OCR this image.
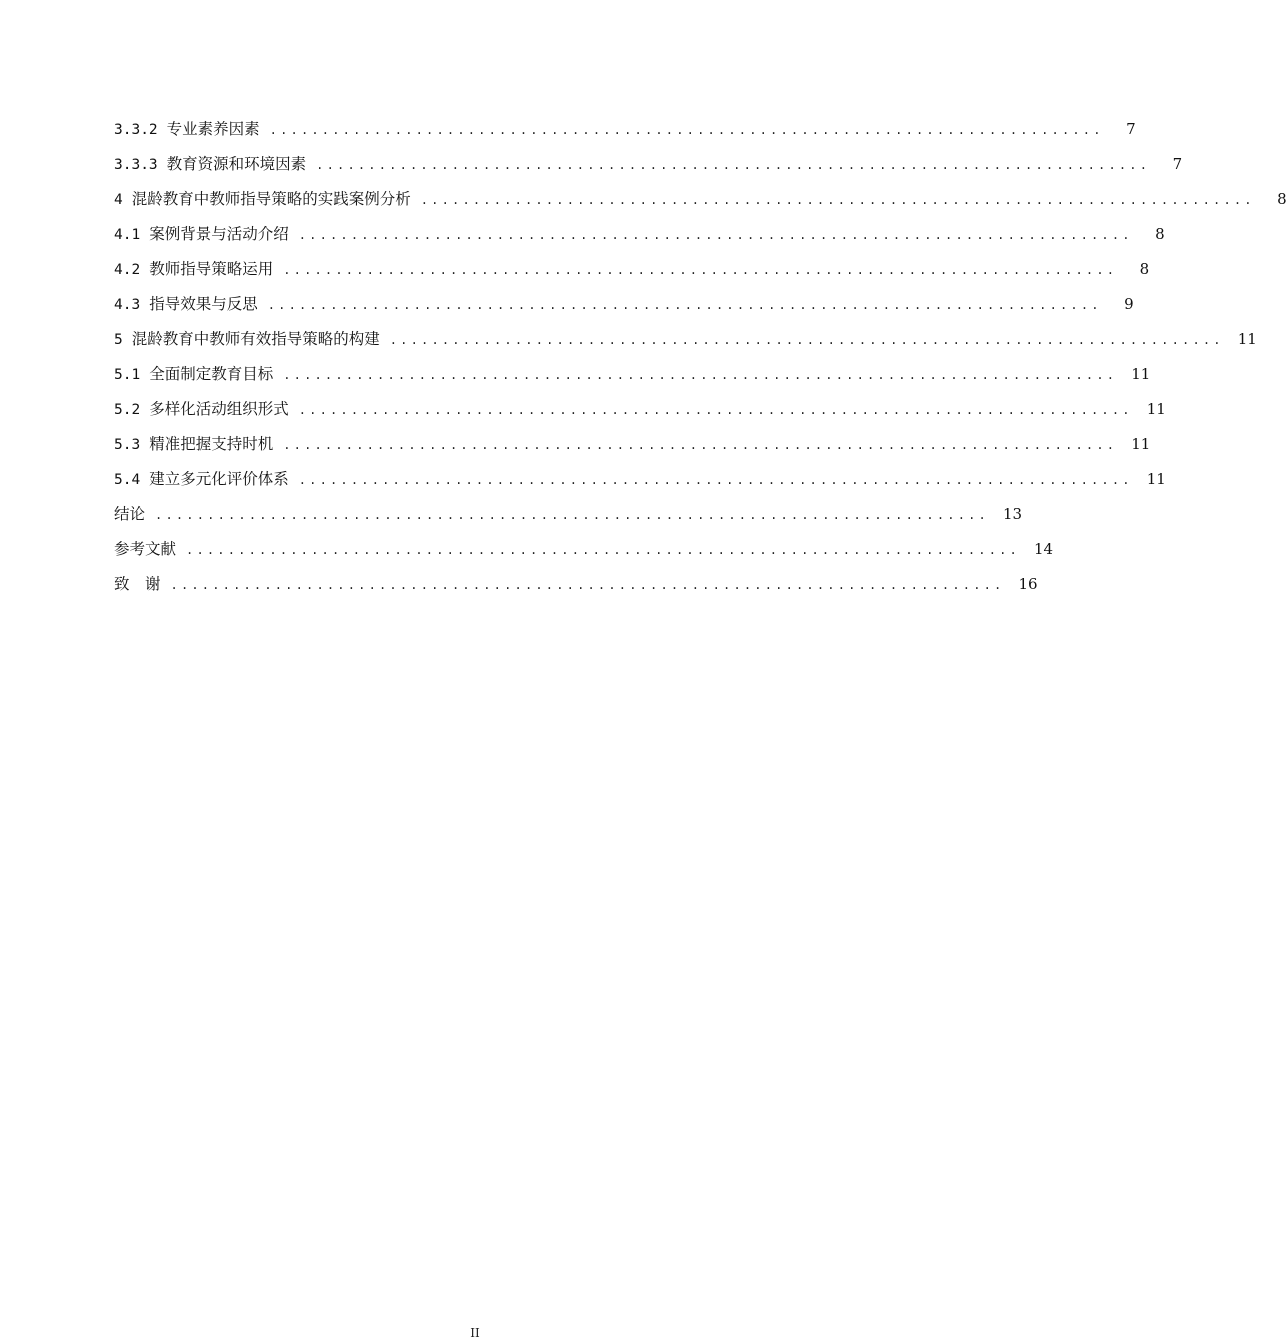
3.3.2 专业素养因素 ................................................................................	7
3.3.3 教育资源和环境因素 ................................................................................	7
4 混龄教育中教师指导策略的实践案例分析 ................................................................................	8
4.1 案例背景与活动介绍 ................................................................................	8
4.2 教师指导策略运用 ................................................................................	8
4.3 指导效果与反思 ................................................................................	9
5 混龄教育中教师有效指导策略的构建 ................................................................................ 11
5.1 全面制定教育目标 ................................................................................ 11
5.2 多样化活动组织形式 ................................................................................ 11
5.3 精准把握支持时机 ................................................................................ 11
5.4 建立多元化评价体系 ................................................................................ 11
结论 ................................................................................ 13
参考文献 ................................................................................ 14
致　谢 ................................................................................ 16
II
